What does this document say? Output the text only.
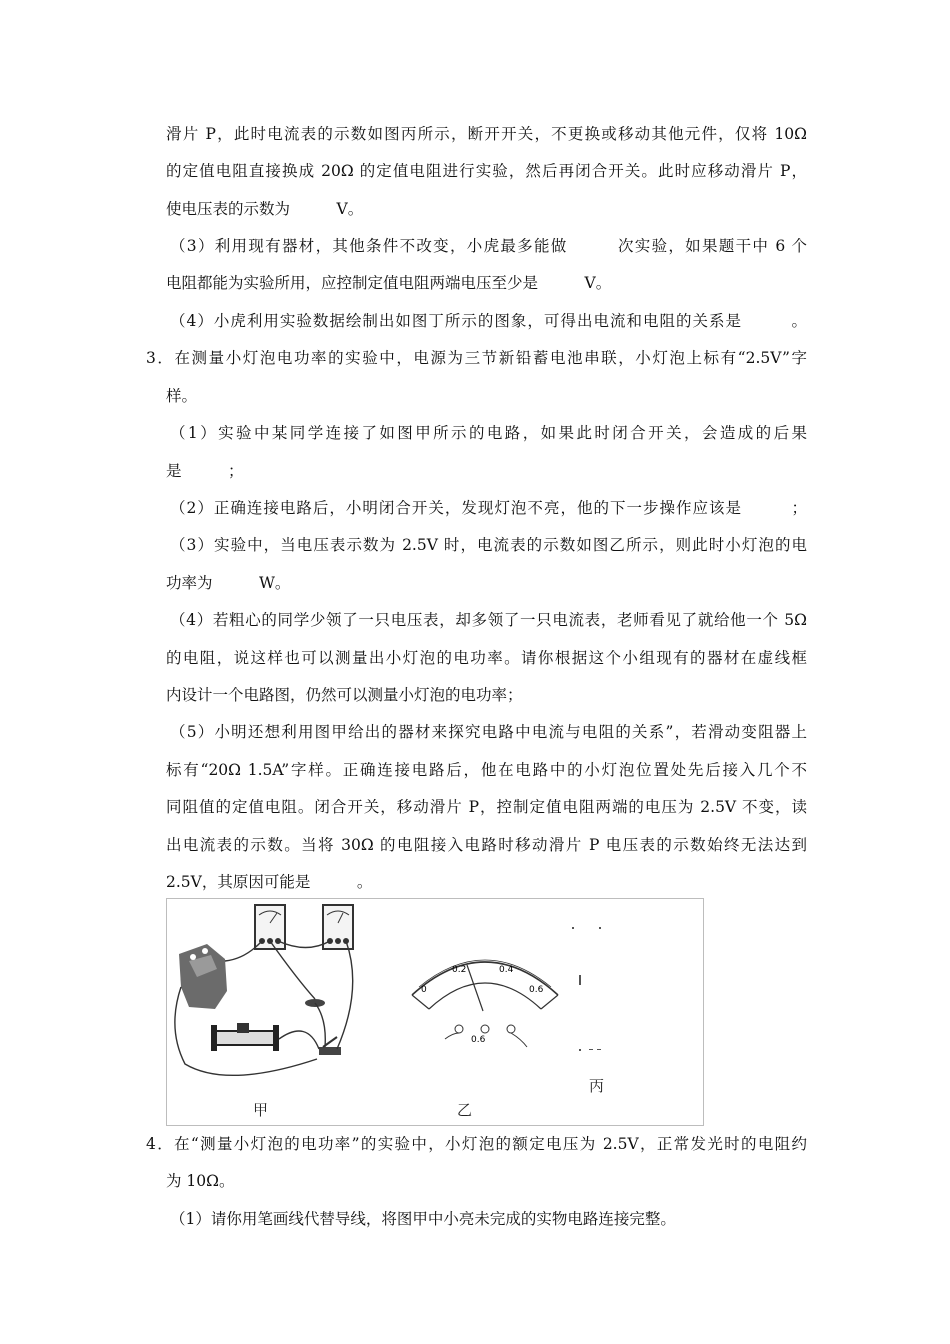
滑片 P，此时电流表的示数如图丙所示，断开开关，不更换或移动其他元件，仅将 10Ω
的定值电阻直接换成 20Ω 的定值电阻进行实验，然后再闭合开关。此时应移动滑片 P，
使电压表的示数为　　　V。
（3）利用现有器材，其他条件不改变，小虎最多能做　　　次实验，如果题干中 6 个
电阻都能为实验所用，应控制定值电阻两端电压至少是　　　V。
（4）小虎利用实验数据绘制出如图丁所示的图象，可得出电流和电阻的关系是　　　。
3．在测量小灯泡电功率的实验中，电源为三节新铅蓄电池串联，小灯泡上标有“2.5V”字
样。
（1）实验中某同学连接了如图甲所示的电路，如果此时闭合开关，会造成的后果
是　　　；
（2）正确连接电路后，小明闭合开关，发现灯泡不亮，他的下一步操作应该是　　　；
（3）实验中，当电压表示数为 2.5V 时，电流表的示数如图乙所示，则此时小灯泡的电
功率为　　　W。
（4）若粗心的同学少领了一只电压表，却多领了一只电流表，老师看见了就给他一个 5Ω
的电阻，说这样也可以测量出小灯泡的电功率。请你根据这个小组现有的器材在虚线框
内设计一个电路图，仍然可以测量小灯泡的电功率；
（5）小明还想利用图甲给出的器材来探究电路中电流与电阻的关系”，若滑动变阻器上
标有“20Ω 1.5A”字样。正确连接电路后，他在电路中的小灯泡位置处先后接入几个不
同阻值的定值电阻。闭合开关，移动滑片 P，控制定值电阻两端的电压为 2.5V 不变，读
出电流表的示数。当将 30Ω 的电阻接入电路时移动滑片 P 电压表的示数始终无法达到
2.5V，其原因可能是　　　。
0
0.2	0.4
0.6
0.6
甲	乙
丙
4．在“测量小灯泡的电功率”的实验中，小灯泡的额定电压为 2.5V，正常发光时的电阻约
为 10Ω。
（1）请你用笔画线代替导线，将图甲中小亮未完成的实物电路连接完整。
